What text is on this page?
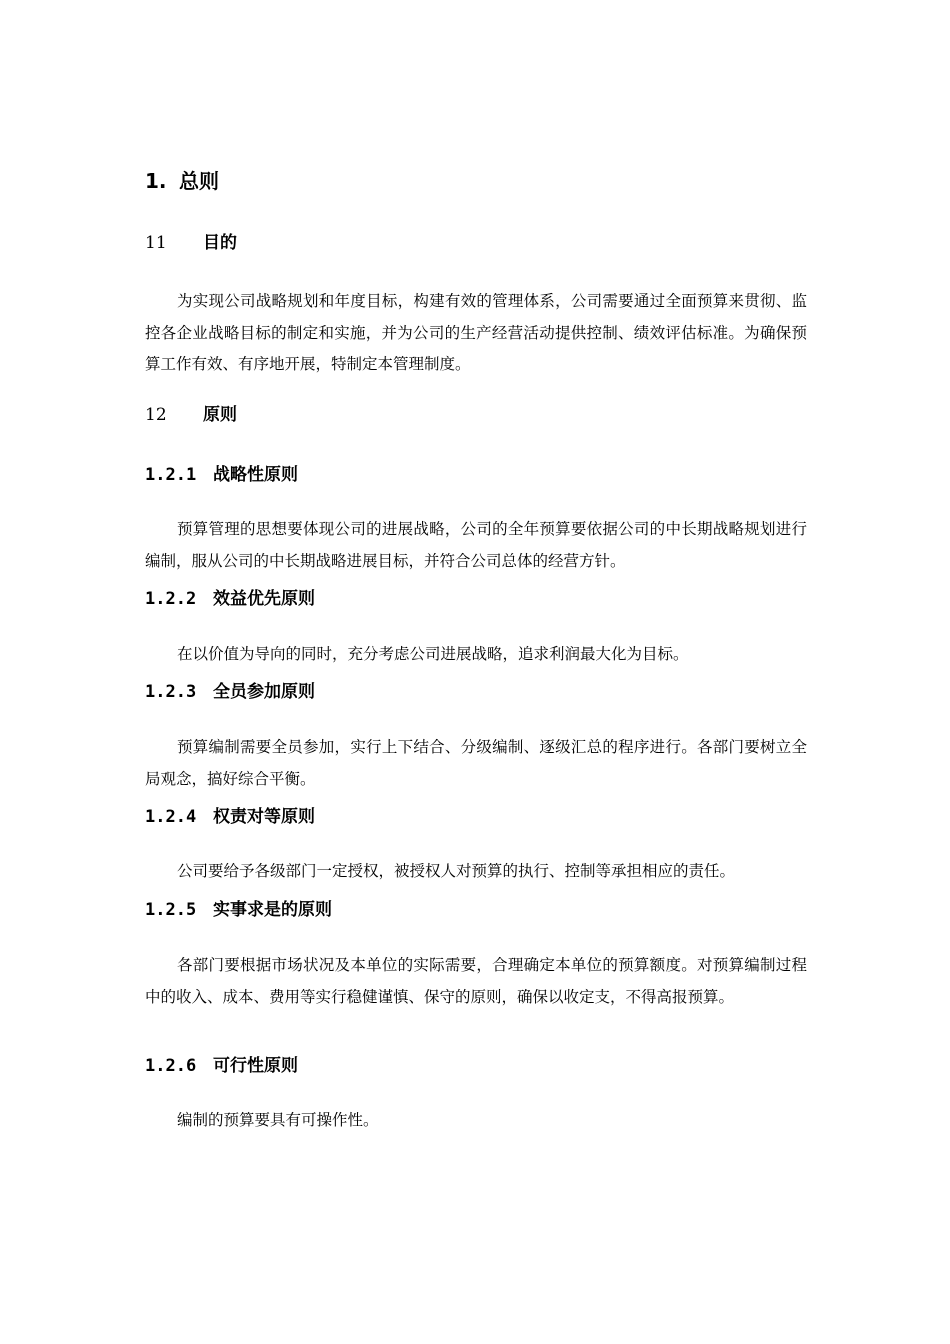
1. 总则
11 目的

为实现公司战略规划和年度目标，构建有效的管理体系，公司需要通过全面预算来贯彻、监控各企业战略目标的制定和实施，并为公司的生产经营活动提供控制、绩效评估标准。为确保预算工作有效、有序地开展，特制定本管理制度。

12 原则
1.2.1 战略性原则

预算管理的思想要体现公司的进展战略，公司的全年预算要依据公司的中长期战略规划进行编制，服从公司的中长期战略进展目标，并符合公司总体的经营方针。

1.2.2 效益优先原则

在以价值为导向的同时，充分考虑公司进展战略，追求利润最大化为目标。

1.2.3 全员参加原则

预算编制需要全员参加，实行上下结合、分级编制、逐级汇总的程序进行。各部门要树立全局观念，搞好综合平衡。

1.2.4 权责对等原则

公司要给予各级部门一定授权，被授权人对预算的执行、控制等承担相应的责任。

1.2.5 实事求是的原则

各部门要根据市场状况及本单位的实际需要，合理确定本单位的预算额度。对预算编制过程中的收入、成本、费用等实行稳健谨慎、保守的原则，确保以收定支，不得高报预算。

1.2.6 可行性原则

编制的预算要具有可操作性。
